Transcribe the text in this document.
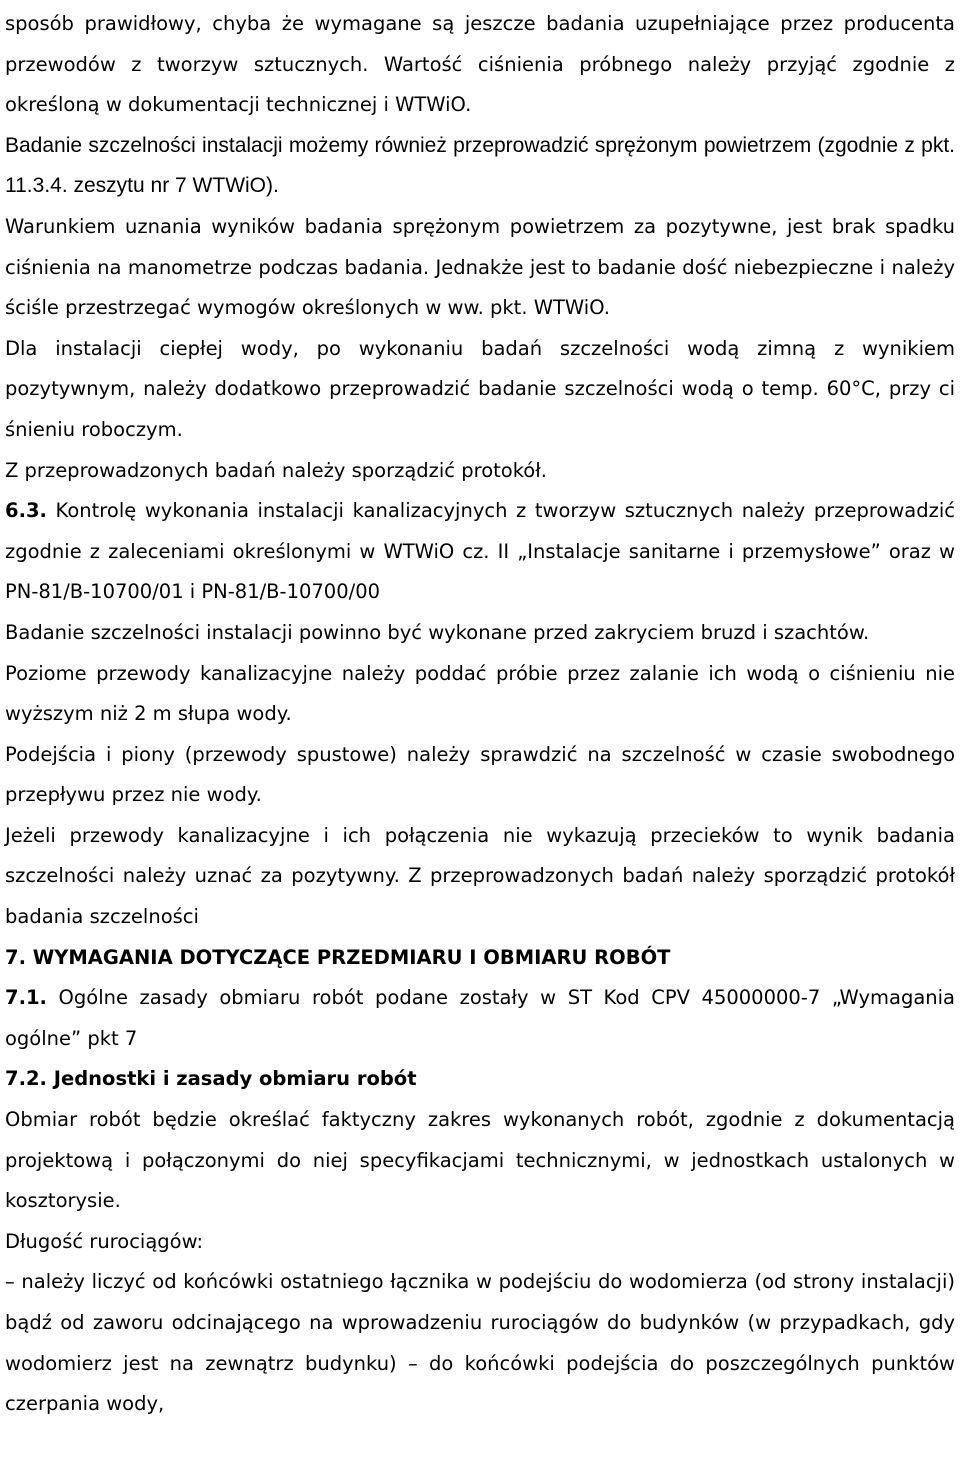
sposób prawidłowy, chyba że wymagane są jeszcze badania uzupełniające przez producenta przewodów z tworzyw sztucznych. Wartość ciśnienia próbnego należy przyjąć zgodnie z określoną w dokumentacji technicznej i WTWiO.

Badanie szczelności instalacji możemy również przeprowadzić sprężonym powietrzem (zgodnie z pkt. 11.3.4. zeszytu nr 7 WTWiO).

Warunkiem uznania wyników badania sprężonym powietrzem za pozytywne, jest brak spadku ciśnienia na manometrze podczas badania. Jednakże jest to badanie dość niebezpieczne i należy ściśle przestrzegać wymogów określonych w ww. pkt. WTWiO.

Dla instalacji ciepłej wody, po wykonaniu badań szczelności wodą zimną z wynikiem pozytywnym, należy dodatkowo przeprowadzić badanie szczelności wodą o temp. 60°C, przy ci śnieniu roboczym.

Z przeprowadzonych badań należy sporządzić protokół.

6.3. Kontrolę wykonania instalacji kanalizacyjnych z tworzyw sztucznych należy przeprowadzić zgodnie z zaleceniami określonymi w WTWiO cz. II „Instalacje sanitarne i przemysłowe” oraz w PN-81/B-10700/01 i PN-81/B-10700/00

Badanie szczelności instalacji powinno być wykonane przed zakryciem bruzd i szachtów.

Poziome przewody kanalizacyjne należy poddać próbie przez zalanie ich wodą o ciśnieniu nie wyższym niż 2 m słupa wody.

Podejścia i piony (przewody spustowe) należy sprawdzić na szczelność w czasie swobodnego przepływu przez nie wody.

Jeżeli przewody kanalizacyjne i ich połączenia nie wykazują przecieków to wynik badania szczelności należy uznać za pozytywny. Z przeprowadzonych badań należy sporządzić protokół badania szczelności

7. WYMAGANIA DOTYCZĄCE PRZEDMIARU I OBMIARU ROBÓT

7.1. Ogólne zasady obmiaru robót podane zostały w ST Kod CPV 45000000-7 „Wymagania ogólne” pkt 7

7.2. Jednostki i zasady obmiaru robót

Obmiar robót będzie określać faktyczny zakres wykonanych robót, zgodnie z dokumentacją projektową i połączonymi do niej specyfikacjami technicznymi, w jednostkach ustalonych w kosztorysie.

Długość rurociągów:

– należy liczyć od końcówki ostatniego łącznika w podejściu do wodomierza (od strony instalacji) bądź od zaworu odcinającego na wprowadzeniu rurociągów do budynków (w przypadkach, gdy wodomierz jest na zewnątrz budynku) – do końcówki podejścia do poszczególnych punktów czerpania wody,
